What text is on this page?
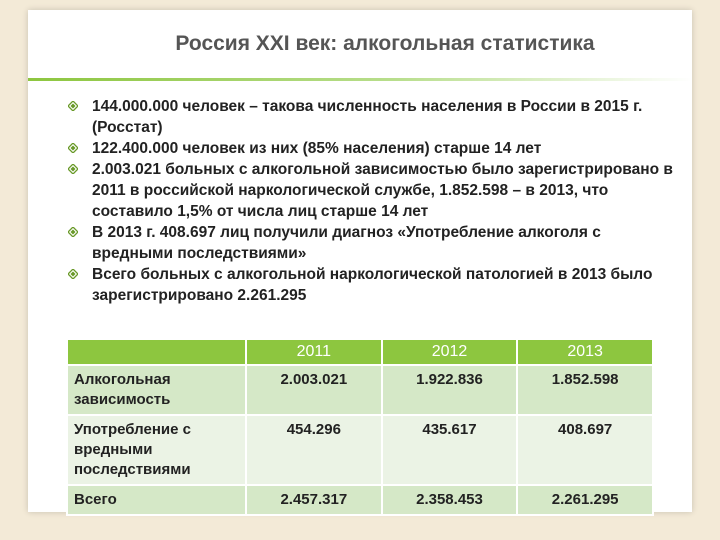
Россия XXI век: алкогольная статистика
144.000.000 человек – такова численность населения в России в 2015 г. (Росстат)
122.400.000 человек из них (85% населения) старше 14 лет
2.003.021 больных с алкогольной зависимостью было зарегистрировано в 2011 в российской наркологической службе, 1.852.598 – в 2013, что составило 1,5% от числа лиц старше 14 лет
В 2013 г. 408.697 лиц получили диагноз «Употребление алкоголя с вредными последствиями»
Всего больных с алкогольной наркологической патологией в 2013 было зарегистрировано 2.261.295
	2011	2012	2013
Алкогольная зависимость	2.003.021	1.922.836	1.852.598
Употребление с вредными последствиями	454.296	435.617	408.697
Всего	2.457.317	2.358.453	2.261.295
